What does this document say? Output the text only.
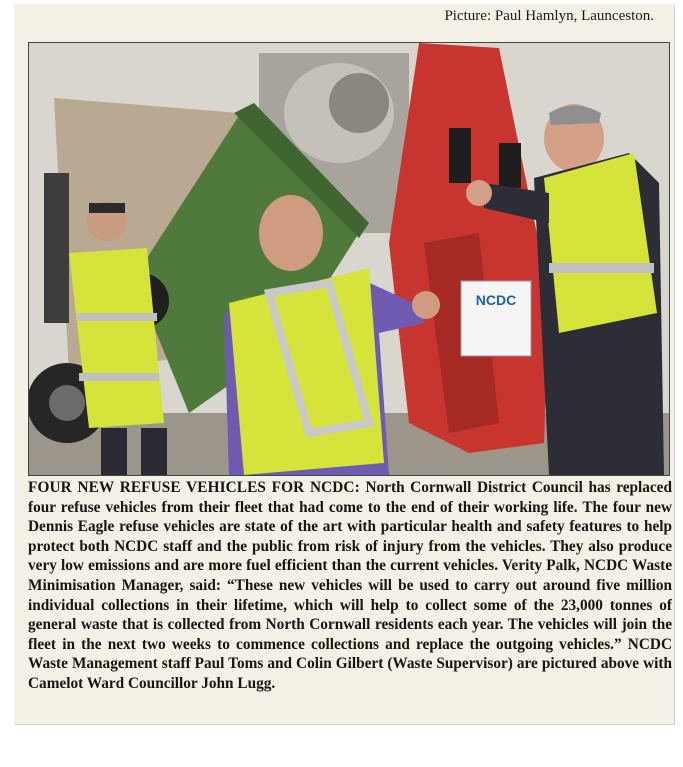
Picture: Paul Hamlyn, Launceston.
NCDC
FOUR NEW REFUSE VEHICLES FOR NCDC: North Cornwall District Council has replaced four refuse vehicles from their fleet that had come to the end of their working life. The four new Dennis Eagle refuse vehicles are state of the art with particular health and safety features to help protect both NCDC staff and the public from risk of injury from the vehicles. They also produce very low emissions and are more fuel efficient than the current vehicles. Verity Palk, NCDC Waste Minimisation Manager, said: “These new vehicles will be used to carry out around five million individual collections in their lifetime, which will help to collect some of the 23,000 tonnes of general waste that is collected from North Cornwall residents each year. The vehicles will join the fleet in the next two weeks to commence collections and replace the outgoing vehicles.” NCDC Waste Management staff Paul Toms and Colin Gilbert (Waste Supervisor) are pictured above with Camelot Ward Councillor John Lugg.
